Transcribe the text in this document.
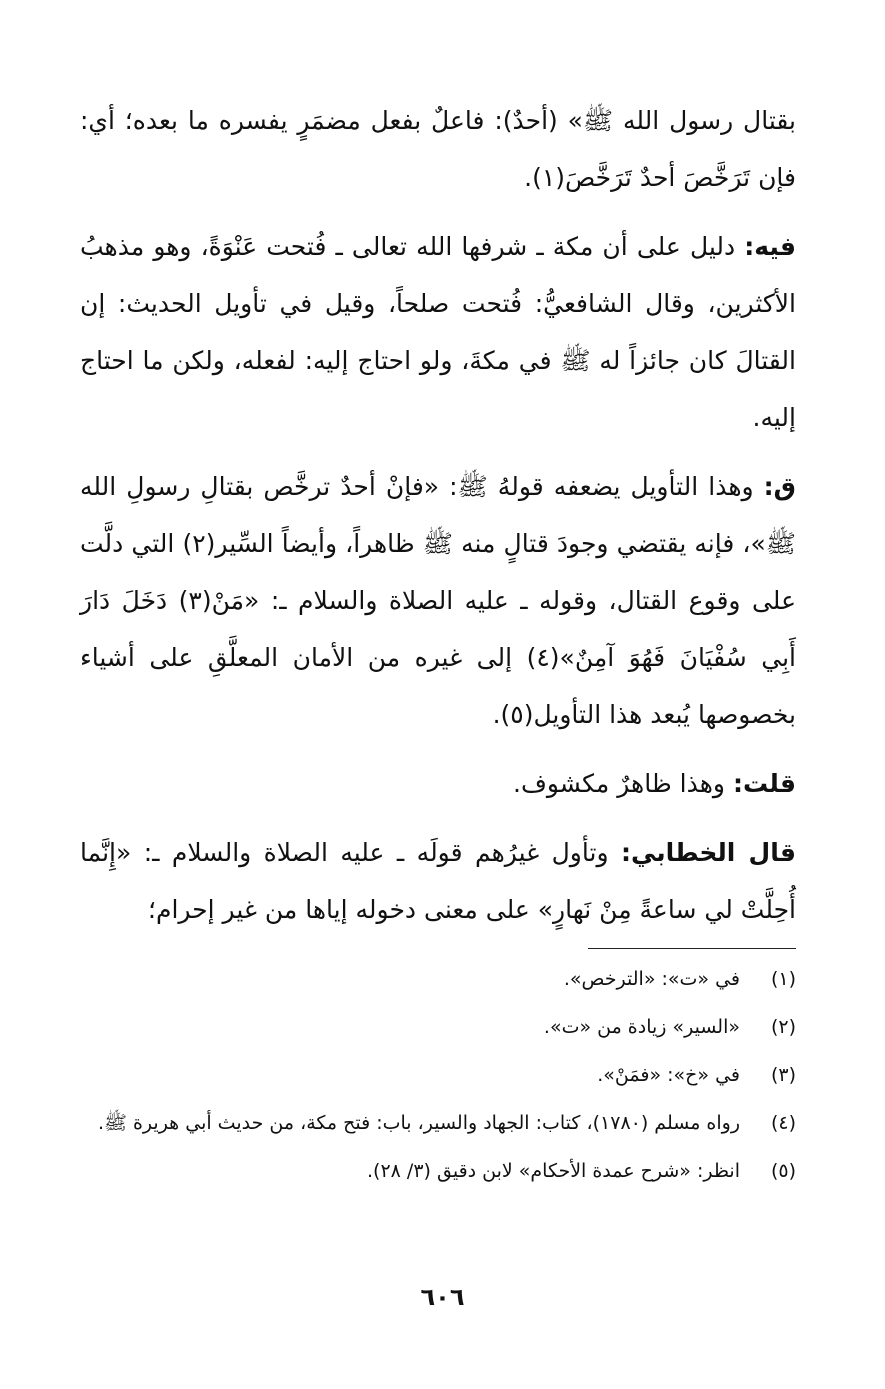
بقتال رسول الله ﷺ» (أحدٌ): فاعلٌ بفعل مضمَرٍ يفسره ما بعده؛ أي: فإن تَرَخَّصَ أحدٌ تَرَخَّصَ(١).

فيه: دليل على أن مكة ـ شرفها الله تعالى ـ فُتحت عَنْوَةً، وهو مذهبُ الأكثرين، وقال الشافعيُّ: فُتحت صلحاً، وقيل في تأويل الحديث: إن القتالَ كان جائزاً له ﷺ في مكةَ، ولو احتاج إليه: لفعله، ولكن ما احتاج إليه.

ق: وهذا التأويل يضعفه قولهُ ﷺ: «فإنْ أحدٌ ترخَّص بقتالِ رسولِ الله ﷺ»، فإنه يقتضي وجودَ قتالٍ منه ﷺ ظاهراً، وأيضاً السِّير(٢) التي دلَّت على وقوع القتال، وقوله ـ عليه الصلاة والسلام ـ: «مَنْ(٣) دَخَلَ دَارَ أَبِي سُفْيَانَ فَهُوَ آمِنٌ»(٤) إلى غيره من الأمان المعلَّقِ على أشياء بخصوصها يُبعد هذا التأويل(٥).

قلت: وهذا ظاهرٌ مكشوف.

قال الخطابي: وتأول غيرُهم قولَه ـ عليه الصلاة والسلام ـ: «إِنَّما أُحِلَّتْ لي ساعةً مِنْ نَهارٍ» على معنى دخوله إياها من غير إحرام؛

(١)
في «ت»: «الترخص».
(٢)
«السير» زيادة من «ت».
(٣)
في «خ»: «فمَنْ».
(٤)
رواه مسلم (١٧٨٠)، كتاب: الجهاد والسير، باب: فتح مكة، من حديث أبي هريرة ﷺ.
(٥)
انظر: «شرح عمدة الأحكام» لابن دقيق (٣/ ٢٨).
٦٠٦
